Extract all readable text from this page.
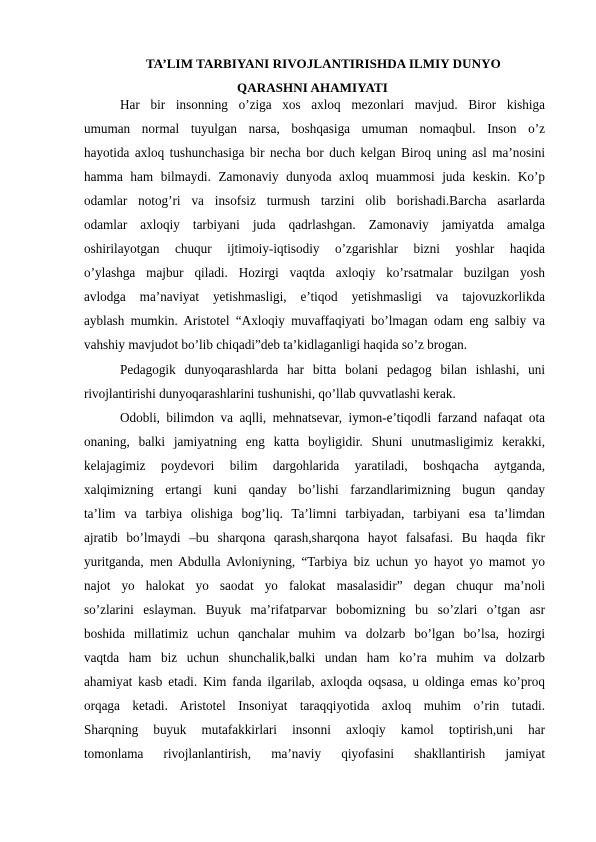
TA’LIM TARBIYANI RIVOJLANTIRISHDA ILMIY DUNYO
QARASHNI AHAMIYATI
Har bir insonning o’ziga xos axloq mezonlari mavjud. Biror kishiga
umuman normal tuyulgan narsa, boshqasiga umuman nomaqbul. Inson o’z
hayotida axloq tushunchasiga bir necha bor duch kelgan Biroq uning asl ma’nosini
hamma ham bilmaydi. Zamonaviy dunyoda axloq muammosi juda keskin. Ko’p
odamlar notog’ri va insofsiz turmush tarzini olib borishadi.Barcha asarlarda
odamlar axloqiy tarbiyani juda qadrlashgan. Zamonaviy jamiyatda amalga
oshirilayotgan chuqur ijtimoiy-iqtisodiy o’zgarishlar bizni yoshlar haqida
o’ylashga majbur qiladi. Hozirgi vaqtda axloqiy ko’rsatmalar buzilgan yosh
avlodga ma’naviyat yetishmasligi, e’tiqod yetishmasligi va tajovuzkorlikda
ayblash mumkin. Aristotel “Axloqiy muvaffaqiyati bo’lmagan odam eng salbiy va
vahshiy mavjudot bo’lib chiqadi”deb ta’kidlaganligi haqida so’z brogan.
Pedagogik dunyoqarashlarda har bitta bolani pedagog bilan ishlashi, uni
rivojlantirishi dunyoqarashlarini tushunishi, qo’llab quvvatlashi kerak.
Odobli, bilimdon va aqlli, mehnatsevar, iymon-e’tiqodli farzand nafaqat ota
onaning, balki jamiyatning eng katta boyligidir. Shuni unutmasligimiz kerakki,
kelajagimiz poydevori bilim dargohlarida yaratiladi, boshqacha aytganda,
xalqimizning ertangi kuni qanday bo’lishi farzandlarimizning bugun qanday
ta’lim va tarbiya olishiga bog’liq. Ta’limni tarbiyadan, tarbiyani esa ta’limdan
ajratib bo’lmaydi –bu sharqona qarash,sharqona hayot falsafasi. Bu haqda fikr
yuritganda, men Abdulla Avloniyning, “Tarbiya biz uchun yo hayot yo mamot yo
najot yo halokat yo saodat yo falokat masalasidir” degan chuqur ma’noli
so’zlarini eslayman. Buyuk ma’rifatparvar bobomizning bu so’zlari o’tgan asr
boshida millatimiz uchun qanchalar muhim va dolzarb bo’lgan bo’lsa, hozirgi
vaqtda ham biz uchun shunchalik,balki undan ham ko’ra muhim va dolzarb
ahamiyat kasb etadi. Kim fanda ilgarilab, axloqda oqsasa, u oldinga emas ko’proq
orqaga ketadi. Aristotel Insoniyat taraqqiyotida axloq muhim o’rin tutadi.
Sharqning buyuk mutafakkirlari insonni axloqiy kamol toptirish,uni har
tomonlama rivojlanlantirish, ma’naviy qiyofasini shakllantirish jamiyat
